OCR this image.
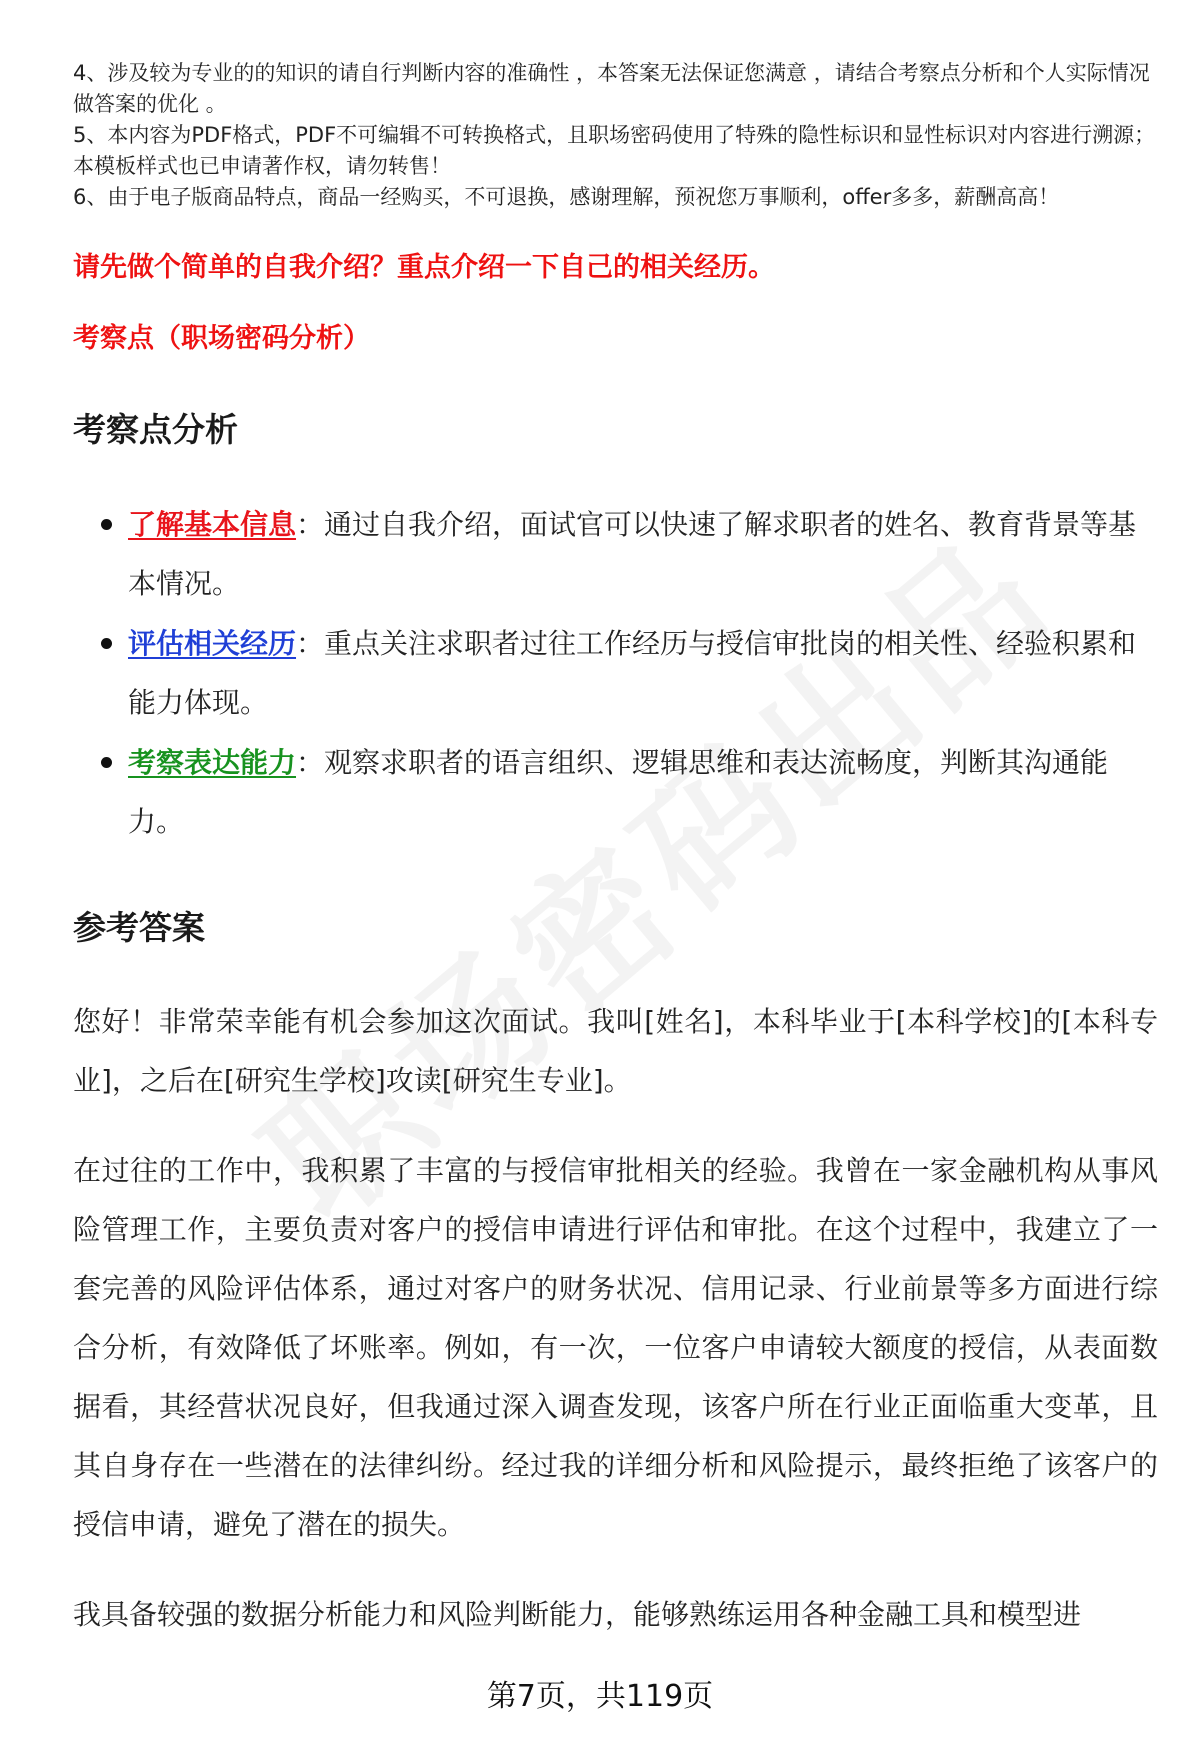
4、涉及较为专业的的知识的请自行判断内容的准确性 ，本答案无法保证您满意 ，请结合考察点分析和个人实际情况做答案的优化 。

5、本内容为PDF格式，PDF不可编辑不可转换格式，且职场密码使用了特殊的隐性标识和显性标识对内容进行溯源；本模板样式也已申请著作权，请勿转售！

6、由于电子版商品特点，商品一经购买，不可退换，感谢理解，预祝您万事顺利，offer多多，薪酬高高！

请先做个简单的自我介绍？重点介绍一下自己的相关经历。

考察点（职场密码分析）

考察点分析
了解基本信息：通过自我介绍，面试官可以快速了解求职者的姓名、教育背景等基本情况。
评估相关经历：重点关注求职者过往工作经历与授信审批岗的相关性、经验积累和能力体现。
考察表达能力：观察求职者的语言组织、逻辑思维和表达流畅度，判断其沟通能力。
参考答案

您好！非常荣幸能有机会参加这次面试。我叫[姓名]，本科毕业于[本科学校]的[本科专业]，之后在[研究生学校]攻读[研究生专业]。

在过往的工作中，我积累了丰富的与授信审批相关的经验。我曾在一家金融机构从事风险管理工作，主要负责对客户的授信申请进行评估和审批。在这个过程中，我建立了一套完善的风险评估体系，通过对客户的财务状况、信用记录、行业前景等多方面进行综合分析，有效降低了坏账率。例如，有一次，一位客户申请较大额度的授信，从表面数据看，其经营状况良好，但我通过深入调查发现，该客户所在行业正面临重大变革，且其自身存在一些潜在的法律纠纷。经过我的详细分析和风险提示，最终拒绝了该客户的授信申请，避免了潜在的损失。

我具备较强的数据分析能力和风险判断能力，能够熟练运用各种金融工具和模型进

第7页，共119页
